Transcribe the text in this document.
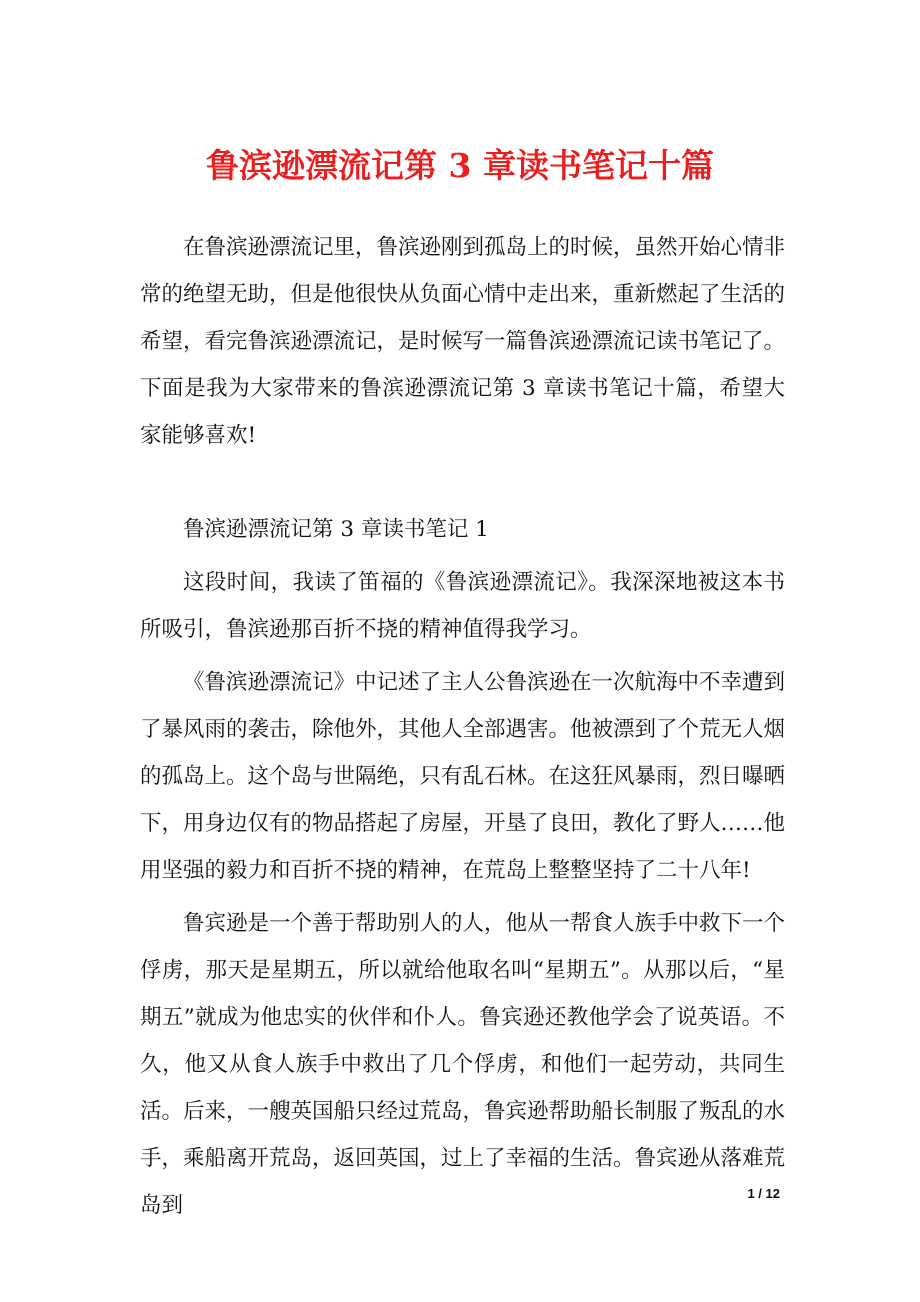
鲁滨逊漂流记第 3 章读书笔记十篇

在鲁滨逊漂流记里，鲁滨逊刚到孤岛上的时候，虽然开始心情非常的绝望无助，但是他很快从负面心情中走出来，重新燃起了生活的希望，看完鲁滨逊漂流记，是时候写一篇鲁滨逊漂流记读书笔记了。下面是我为大家带来的鲁滨逊漂流记第 3 章读书笔记十篇，希望大家能够喜欢!

鲁滨逊漂流记第 3 章读书笔记 1

这段时间，我读了笛福的《鲁滨逊漂流记》。我深深地被这本书所吸引，鲁滨逊那百折不挠的精神值得我学习。

《鲁滨逊漂流记》中记述了主人公鲁滨逊在一次航海中不幸遭到了暴风雨的袭击，除他外，其他人全部遇害。他被漂到了个荒无人烟的孤岛上。这个岛与世隔绝，只有乱石林。在这狂风暴雨，烈日曝晒下，用身边仅有的物品搭起了房屋，开垦了良田，教化了野人……他用坚强的毅力和百折不挠的精神，在荒岛上整整坚持了二十八年!

鲁宾逊是一个善于帮助别人的人，他从一帮食人族手中救下一个俘虏，那天是星期五，所以就给他取名叫“星期五”。从那以后，“星期五”就成为他忠实的伙伴和仆人。鲁宾逊还教他学会了说英语。不久，他又从食人族手中救出了几个俘虏，和他们一起劳动，共同生活。后来，一艘英国船只经过荒岛，鲁宾逊帮助船长制服了叛乱的水手，乘船离开荒岛，返回英国，过上了幸福的生活。鲁宾逊从落难荒岛到	1 / 12
